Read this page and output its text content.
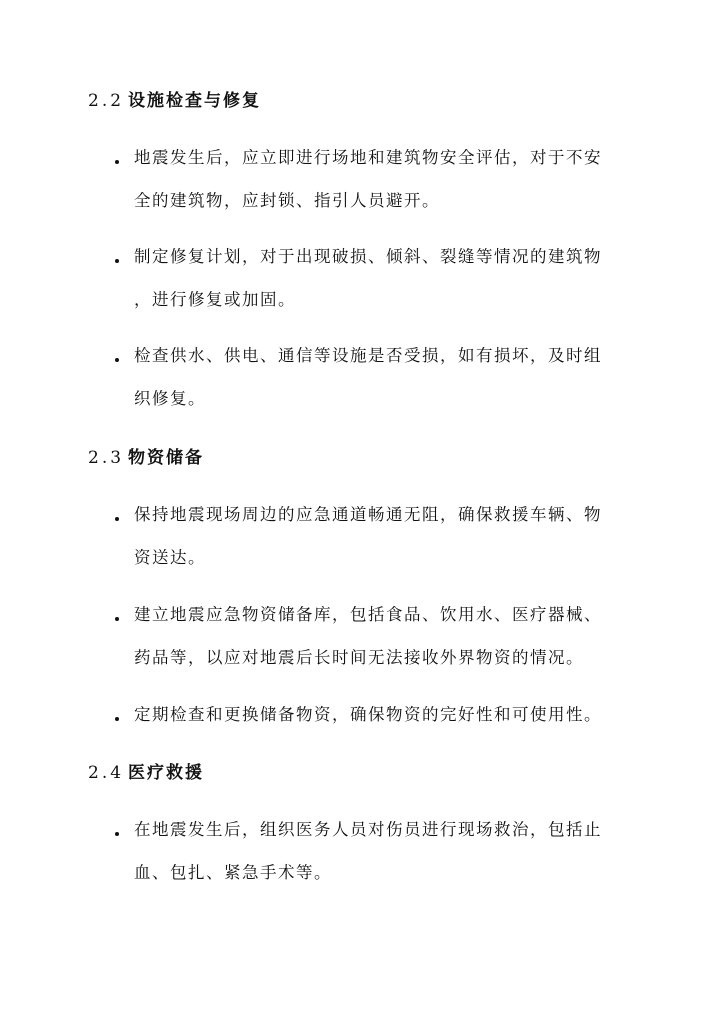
2.2 设施检查与修复
地震发生后，应立即进行场地和建筑物安全评估，对于不安
全的建筑物，应封锁、指引人员避开。
制定修复计划，对于出现破损、倾斜、裂缝等情况的建筑物
，进行修复或加固。
检查供水、供电、通信等设施是否受损，如有损坏，及时组
织修复。
2.3 物资储备
保持地震现场周边的应急通道畅通无阻，确保救援车辆、物
资送达。
建立地震应急物资储备库，包括食品、饮用水、医疗器械、
药品等，以应对地震后长时间无法接收外界物资的情况。
定期检查和更换储备物资，确保物资的完好性和可使用性。
2.4 医疗救援
在地震发生后，组织医务人员对伤员进行现场救治，包括止
血、包扎、紧急手术等。
